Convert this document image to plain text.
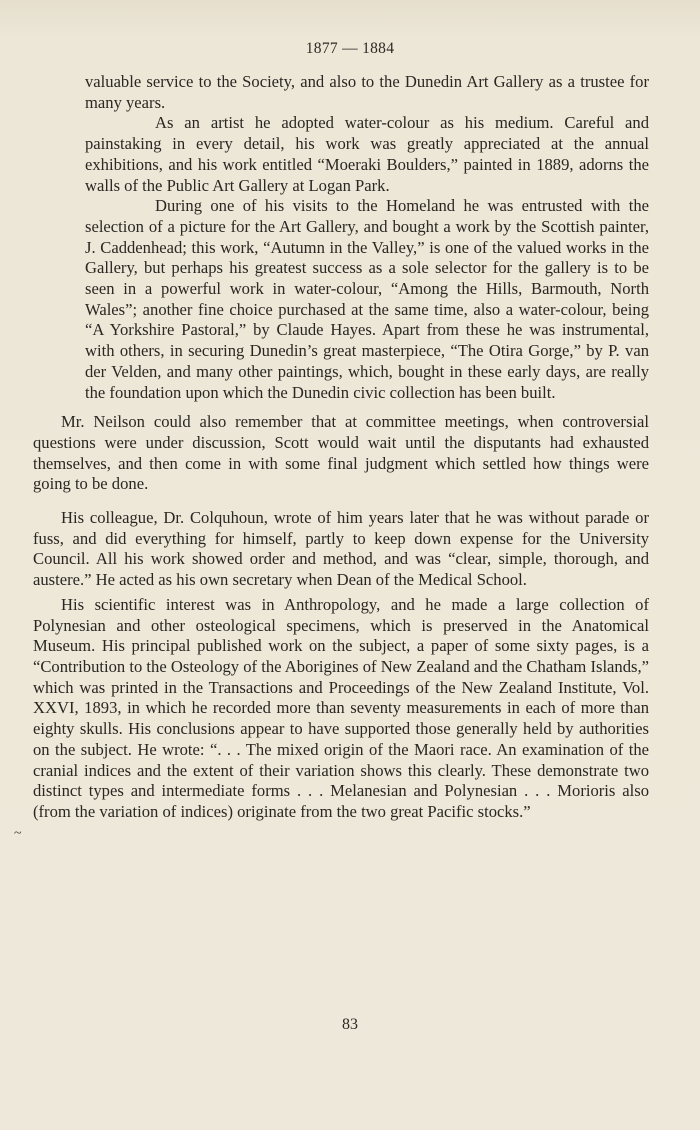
1877 — 1884

valuable service to the Society, and also to the Dunedin Art Gallery as a trustee for many years.

As an artist he adopted water-colour as his medium. Careful and painstaking in every detail, his work was greatly appreciated at the annual exhibitions, and his work entitled “Moeraki Boulders,” painted in 1889, adorns the walls of the Public Art Gallery at Logan Park.

During one of his visits to the Homeland he was entrusted with the selection of a picture for the Art Gallery, and bought a work by the Scottish painter, J. Caddenhead; this work, “Autumn in the Valley,” is one of the valued works in the Gallery, but perhaps his greatest success as a sole selector for the gallery is to be seen in a powerful work in water-colour, “Among the Hills, Barmouth, North Wales”; another fine choice purchased at the same time, also a water-colour, being “A Yorkshire Pastoral,” by Claude Hayes. Apart from these he was instrumental, with others, in securing Dunedin’s great masterpiece, “The Otira Gorge,” by P. van der Velden, and many other paintings, which, bought in these early days, are really the foundation upon which the Dunedin civic collection has been built.

Mr. Neilson could also remember that at committee meetings, when controversial questions were under discussion, Scott would wait until the disputants had exhausted themselves, and then come in with some final judgment which settled how things were going to be done.

His colleague, Dr. Colquhoun, wrote of him years later that he was without parade or fuss, and did everything for himself, partly to keep down expense for the University Council. All his work showed order and method, and was “clear, simple, thorough, and austere.” He acted as his own secretary when Dean of the Medical School.

His scientific interest was in Anthropology, and he made a large collection of Polynesian and other osteological specimens, which is preserved in the Anatomical Museum. His principal published work on the subject, a paper of some sixty pages, is a “Contribution to the Osteology of the Aborigines of New Zealand and the Chatham Islands,” which was printed in the Transactions and Proceedings of the New Zealand Institute, Vol. XXVI, 1893, in which he recorded more than seventy measurements in each of more than eighty skulls. His conclusions appear to have supported those generally held by authorities on the subject. He wrote: “. . . The mixed origin of the Maori race. An examination of the cranial indices and the extent of their variation shows this clearly. These demonstrate two distinct types and intermediate forms . . . Melanesian and Polynesian . . . Morioris also (from the variation of indices) originate from the two great Pacific stocks.”

~
83
